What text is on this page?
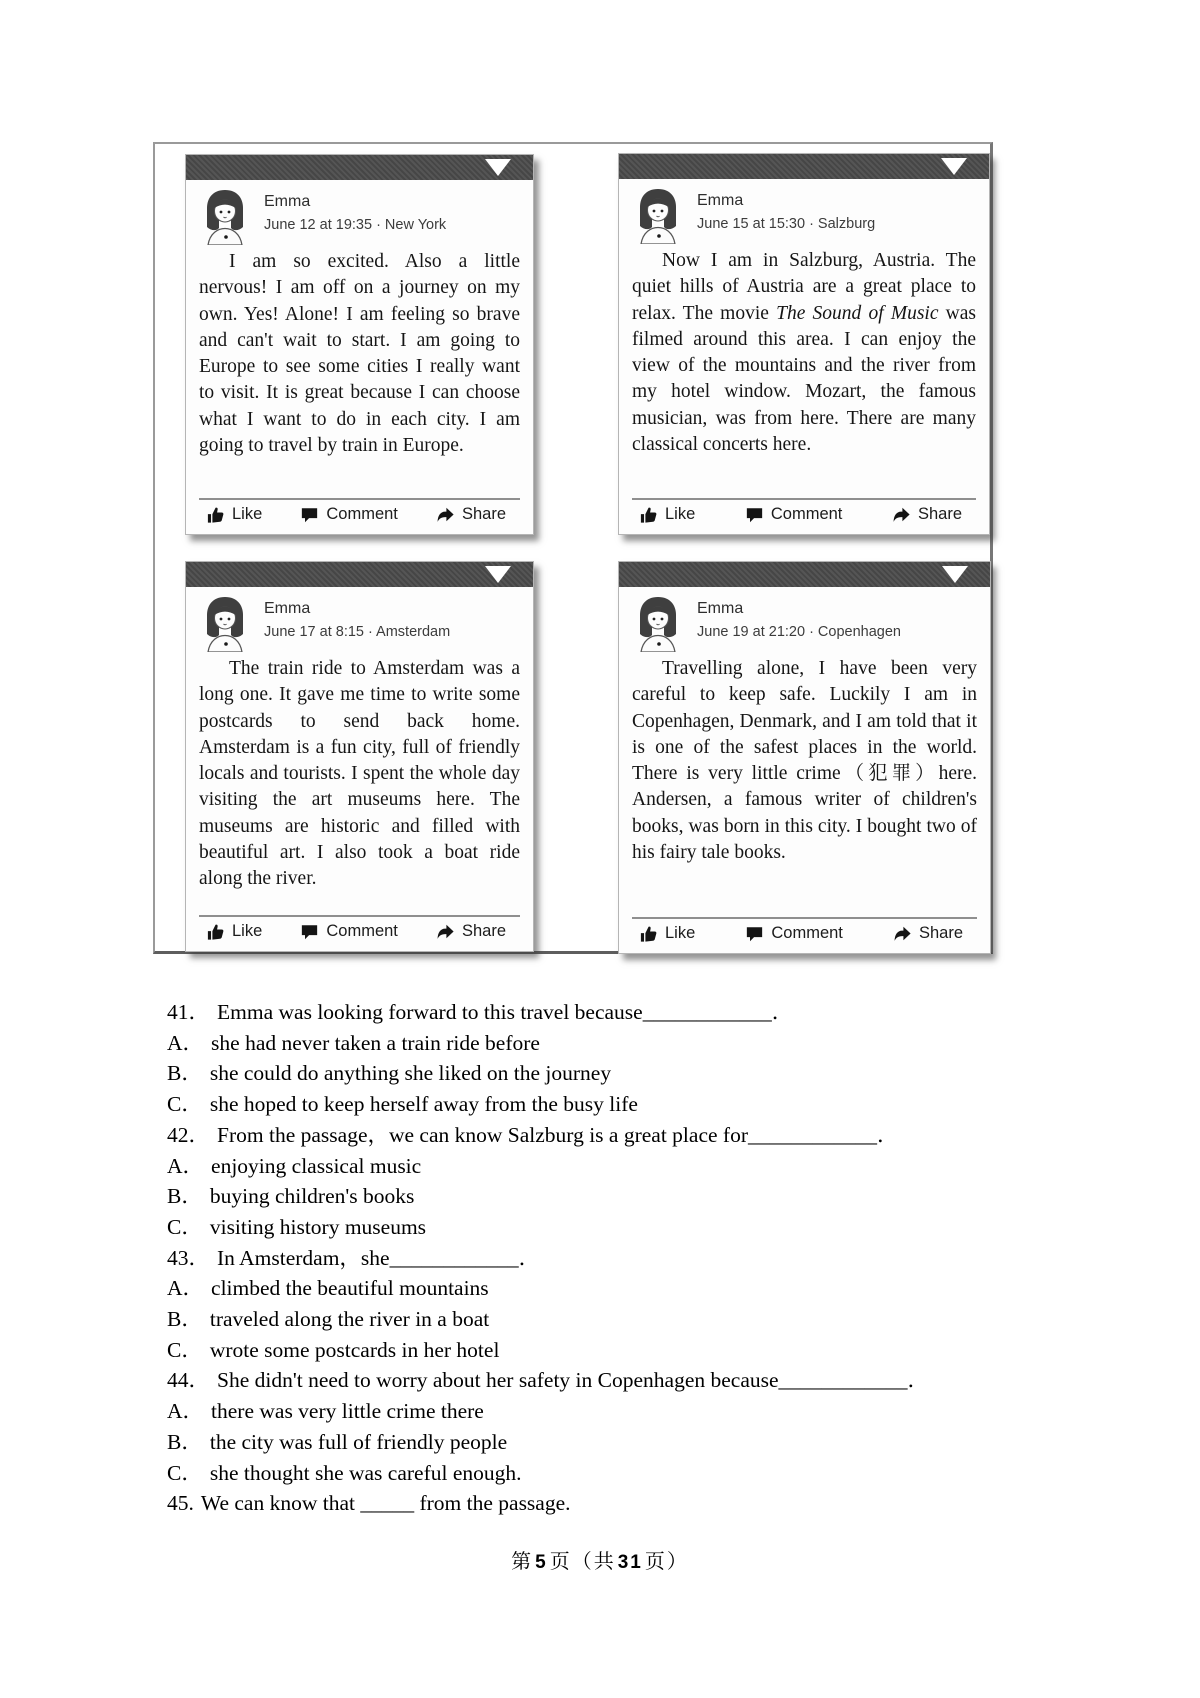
Emma
June 12 at 19:35 · New York

I am so excited. Also a little nervous! I am off on a journey on my own. Yes! Alone! I am feeling so brave and can't wait to start. I am going to Europe to see some cities I really want to visit. It is great because I can choose what I want to do in each city. I am going to travel by train in Europe.

Like	Comment	Share
Emma
June 15 at 15:30 · Salzburg

Now I am in Salzburg, Austria. The quiet hills of Austria are a great place to relax. The movie The Sound of Music was filmed around this area. I can enjoy the view of the mountains and the river from my hotel window. Mozart, the famous musician, was from here. There are many classical concerts here.

Like	Comment	Share
Emma
June 17 at 8:15 · Amsterdam

The train ride to Amsterdam was a long one. It gave me time to write some postcards to send back home. Amsterdam is a fun city, full of friendly locals and tourists. I spent the whole day visiting the art museums here. The museums are historic and filled with beautiful art. I also took a boat ride along the river.

Like	Comment	Share
Emma
June 19 at 21:20 · Copenhagen

Travelling alone, I have been very careful to keep safe. Luckily I am in Copenhagen, Denmark, and I am told that it is one of the safest places in the world. There is very little crime（犯罪）here. Andersen, a famous writer of children's books, was born in this city. I bought two of his fairy tale books.

Like	Comment	Share
41． Emma was looking forward to this travel because____________．
A． she had never taken a train ride before
B． she could do anything she liked on the journey
C． she hoped to keep herself away from the busy life
42． From the passage，we can know Salzburg is a great place for____________．
A． enjoying classical music
B． buying children's books
C． visiting history museums
43． In Amsterdam，she____________．
A． climbed the beautiful mountains
B． traveled along the river in a boat
C． wrote some postcards in her hotel
44． She didn't need to worry about her safety in Copenhagen because____________．
A． there was very little crime there
B． the city was full of friendly people
C． she thought she was careful enough.
45. We can know that _____ from the passage.
第 5 页（共 31 页）
